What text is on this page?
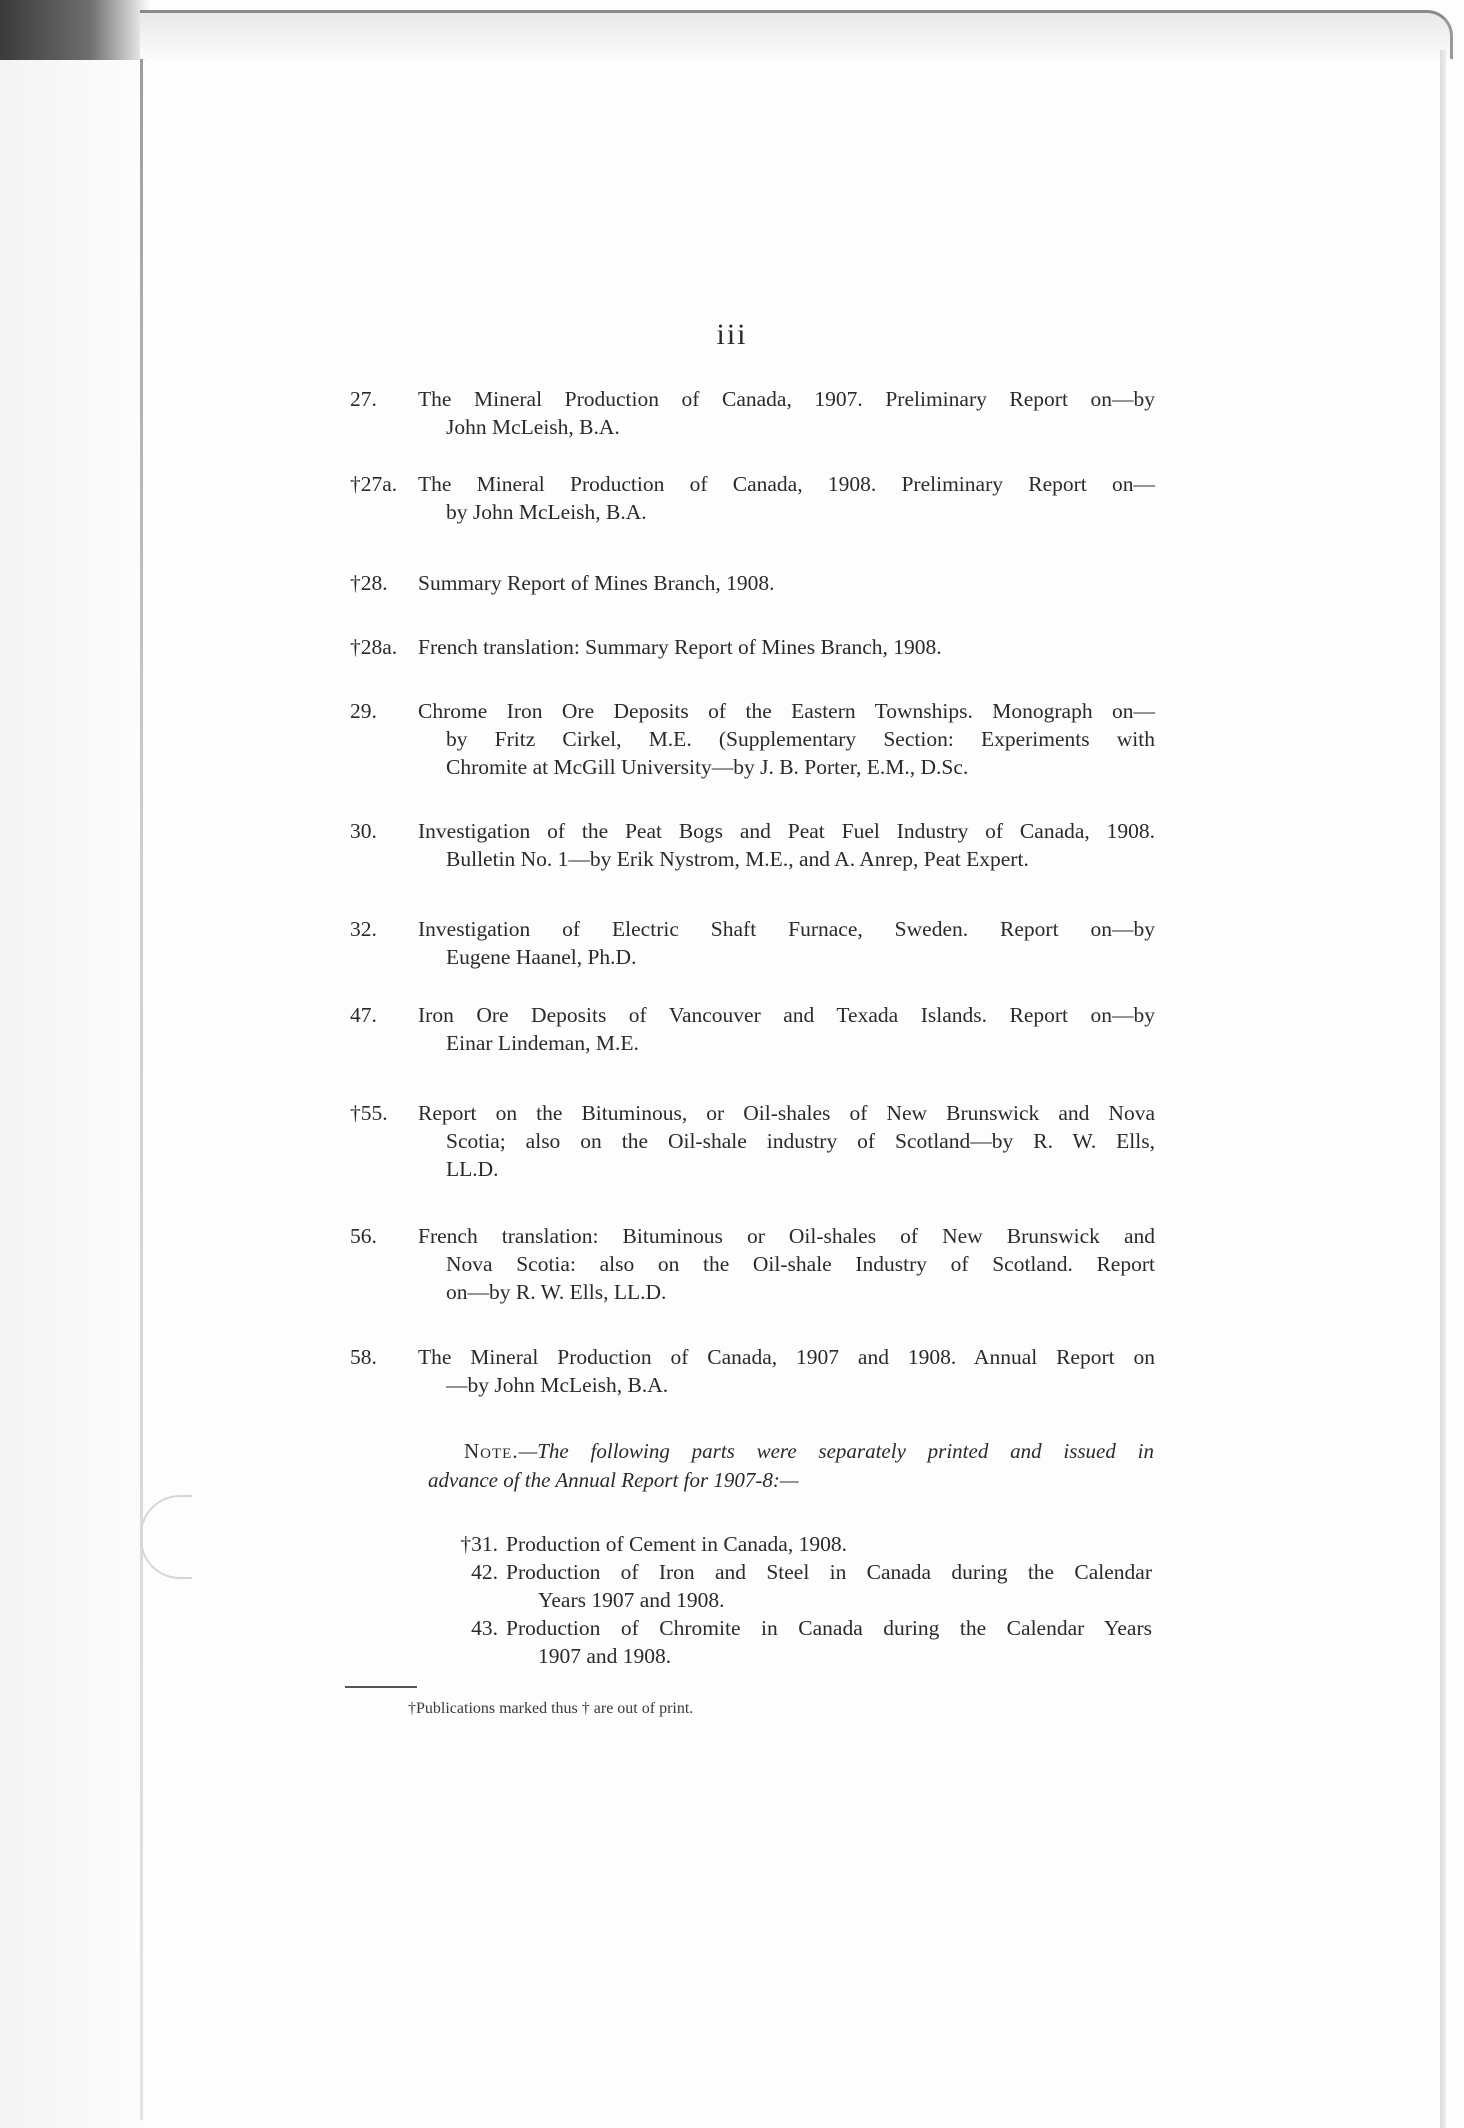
iii
27.	The Mineral Production of Canada, 1907. Preliminary Report on—by
John McLeish, B.A.
†27a. The Mineral Production of Canada, 1908. Preliminary Report on—
by John McLeish, B.A.
†28.	Summary Report of Mines Branch, 1908.
†28a. French translation: Summary Report of Mines Branch, 1908.
29.	Chrome Iron Ore Deposits of the Eastern Townships. Monograph on—
by Fritz Cirkel, M.E. (Supplementary Section: Experiments with
Chromite at McGill University—by J. B. Porter, E.M., D.Sc.
30.	Investigation of the Peat Bogs and Peat Fuel Industry of Canada, 1908.
Bulletin No. 1—by Erik Nystrom, M.E., and A. Anrep, Peat Expert.
32.	Investigation of Electric Shaft Furnace, Sweden. Report on—by
Eugene Haanel, Ph.D.
47.	Iron Ore Deposits of Vancouver and Texada Islands. Report on—by
Einar Lindeman, M.E.
†55.	Report on the Bituminous, or Oil-shales of New Brunswick and Nova
Scotia; also on the Oil-shale industry of Scotland—by R. W. Ells,
LL.D.
56.	French translation: Bituminous or Oil-shales of New Brunswick and
Nova Scotia: also on the Oil-shale Industry of Scotland. Report
on—by R. W. Ells, LL.D.
58.	The Mineral Production of Canada, 1907 and 1908. Annual Report on
—by John McLeish, B.A.
Note.—The following parts were separately printed and issued in
advance of the Annual Report for 1907-8:—
†31. Production of Cement in Canada, 1908.
42. Production of Iron and Steel in Canada during the Calendar
Years 1907 and 1908.
43. Production of Chromite in Canada during the Calendar Years
1907 and 1908.
†Publications marked thus † are out of print.
